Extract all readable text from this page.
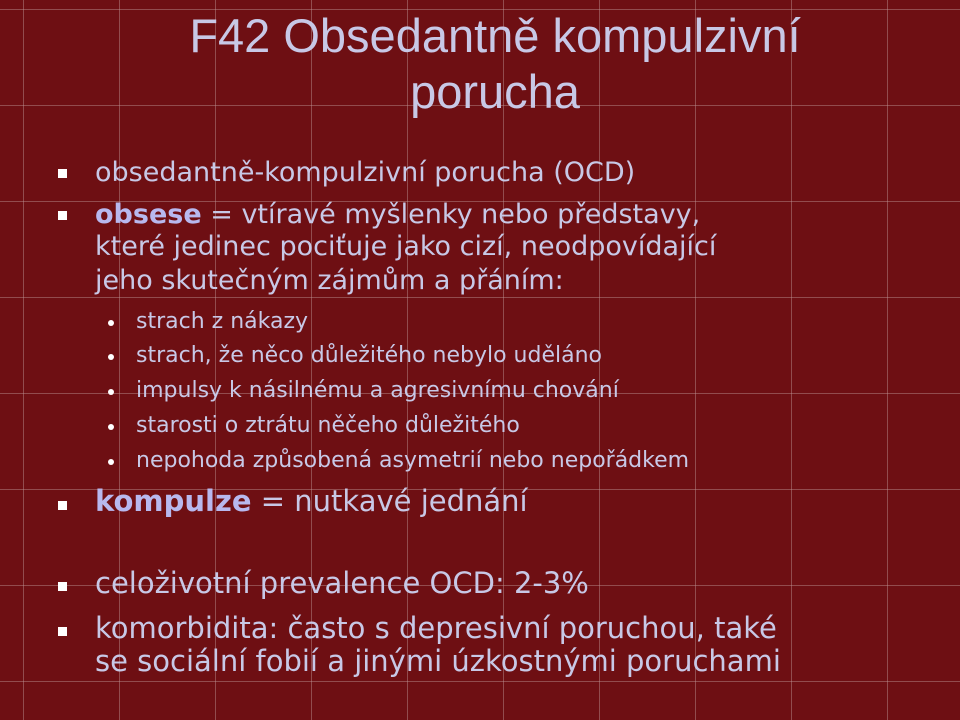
F42 Obsedantně kompulzivní
porucha

obsedantně-kompulzivní porucha (OCD)

obsese = vtíravé myšlenky nebo představy,

které jedinec pociťuje jako cizí, neodpovídající

jeho skutečným zájmům a přáním:

strach z nákazy

strach, že něco důležitého nebylo uděláno

impulsy k násilnému a agresivnímu chování

starosti o ztrátu něčeho důležitého

nepohoda způsobená asymetrií nebo nepořádkem

kompulze = nutkavé jednání

celoživotní prevalence OCD: 2-3%

komorbidita: často s depresivní poruchou, také

se sociální fobií a jinými úzkostnými poruchami
